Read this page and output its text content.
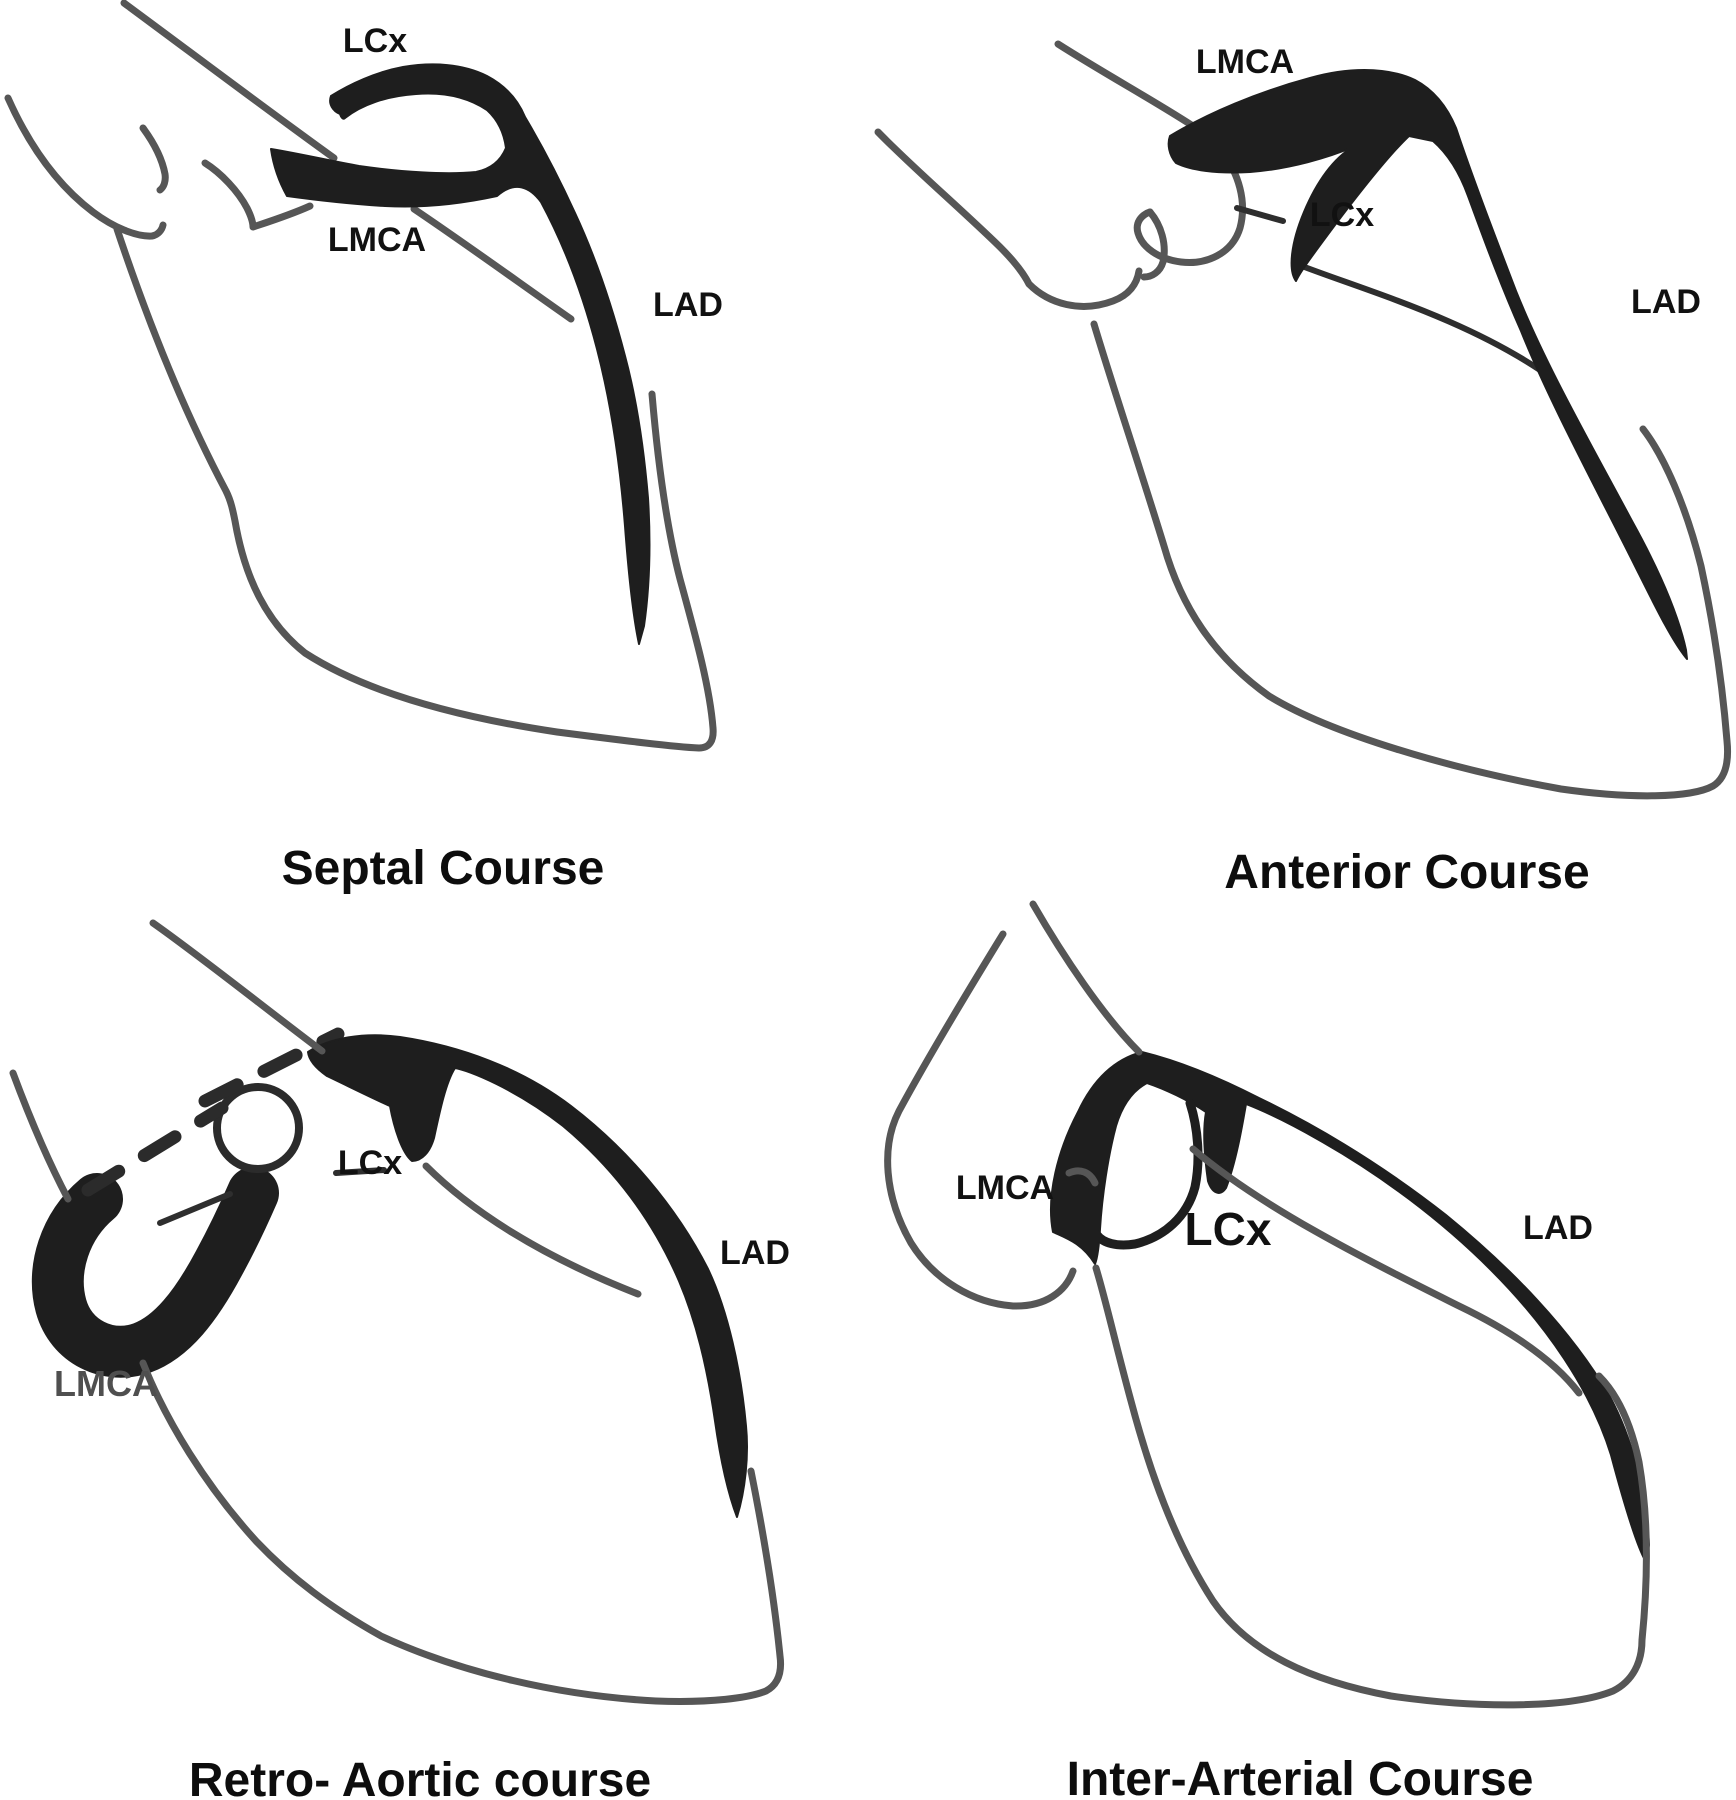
LCx
LMCA
LAD
Septal Course
LMCA
LCx
LAD
Anterior Course
LCx
LMCA
LAD
Retro- Aortic course
LMCA
LCx	LAD
Inter-Arterial Course
